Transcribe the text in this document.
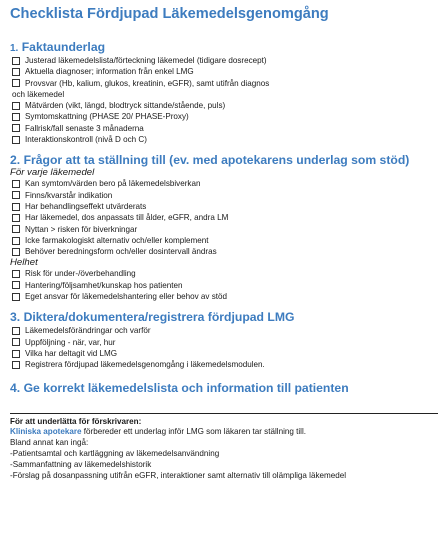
Checklista Fördjupad Läkemedelsgenomgång
1. Faktaunderlag
Justerad läkemedelslista/förteckning läkemedel (tidigare dosrecept)
Aktuella diagnoser; information från enkel LMG
Provsvar (Hb, kalium, glukos, kreatinin, eGFR), samt utifrån diagnos
och läkemedel
Mätvärden (vikt, längd, blodtryck sittande/stående, puls)
Symtomskattning (PHASE 20/ PHASE-Proxy)
Fallrisk/fall senaste 3 månaderna
Interaktionskontroll (nivå D och C)
2. Frågor att ta ställning till (ev. med apotekarens underlag som stöd)
För varje läkemedel
Kan symtom/värden bero på läkemedelsbiverkan
Finns/kvarstår indikation
Har behandlingseffekt utvärderats
Har läkemedel, dos anpassats till ålder, eGFR, andra LM
Nyttan > risken för biverkningar
Icke farmakologiskt alternativ och/eller komplement
Behöver beredningsform och/eller dosintervall ändras
Helhet
Risk för under-/överbehandling
Hantering/följsamhet/kunskap hos patienten
Eget ansvar för läkemedelshantering eller behov av stöd
3. Diktera/dokumentera/registrera fördjupad LMG
Läkemedelsförändringar och varför
Uppföljning - när, var, hur
Vilka har deltagit vid LMG
Registrera fördjupad läkemedelsgenomgång i läkemedelsmodulen.
4. Ge korrekt läkemedelslista och information till patienten

För att underlätta för förskrivaren:

Kliniska apotekare förbereder ett underlag inför LMG som läkaren tar ställning till.

Bland annat kan ingå:

-Patientsamtal och kartläggning av läkemedelsanvändning

-Sammanfattning av läkemedelshistorik

-Förslag på dosanpassning utifrån eGFR, interaktioner samt alternativ till olämpliga läkemedel
